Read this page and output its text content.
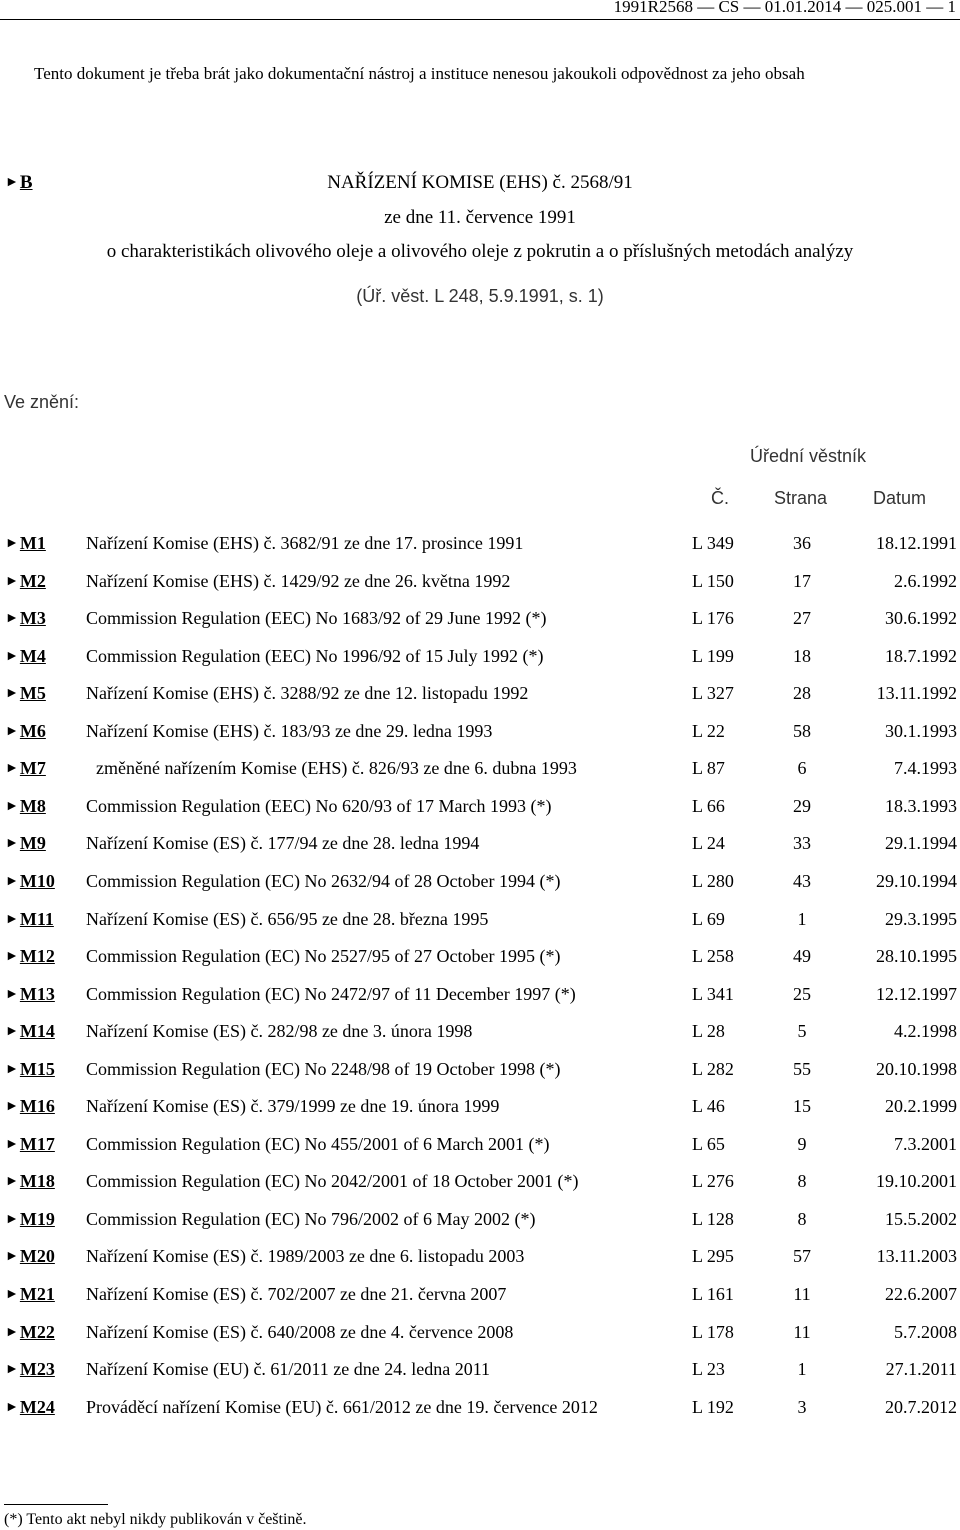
1991R2568 — CS — 01.01.2014 — 025.001 — 1
Tento dokument je třeba brát jako dokumentační nástroj a instituce nenesou jakoukoli odpovědnost za jeho obsah
►B	NAŘÍZENÍ KOMISE (EHS) č. 2568/91
ze dne 11. července 1991
o charakteristikách olivového oleje a olivového oleje z pokrutin a o příslušných metodách analýzy
(Úř. věst. L 248, 5.9.1991, s. 1)
Ve znění:
Úřední věstník
Č.	Strana	Datum
►M1 Nařízení Komise (EHS) č. 3682/91 ze dne 17. prosince 1991	L 349	36	18.12.1991
►M2 Nařízení Komise (EHS) č. 1429/92 ze dne 26. května 1992	L 150	17	2.6.1992
►M3 Commission Regulation (EEC) No 1683/92 of 29 June 1992 (*)	L 176	27	30.6.1992
►M4 Commission Regulation (EEC) No 1996/92 of 15 July 1992 (*)	L 199	18	18.7.1992
►M5 Nařízení Komise (EHS) č. 3288/92 ze dne 12. listopadu 1992	L 327	28	13.11.1992
►M6 Nařízení Komise (EHS) č. 183/93 ze dne 29. ledna 1993	L 22	58	30.1.1993
►M7	změněné nařízením Komise (EHS) č. 826/93 ze dne 6. dubna 1993	L 87	6	7.4.1993
►M8 Commission Regulation (EEC) No 620/93 of 17 March 1993 (*)	L 66	29	18.3.1993
►M9 Nařízení Komise (ES) č. 177/94 ze dne 28. ledna 1994	L 24	33	29.1.1994
►M10 Commission Regulation (EC) No 2632/94 of 28 October 1994 (*)	L 280	43	29.10.1994
►M11 Nařízení Komise (ES) č. 656/95 ze dne 28. března 1995	L 69	1	29.3.1995
►M12 Commission Regulation (EC) No 2527/95 of 27 October 1995 (*)	L 258	49	28.10.1995
►M13 Commission Regulation (EC) No 2472/97 of 11 December 1997 (*)	L 341	25	12.12.1997
►M14 Nařízení Komise (ES) č. 282/98 ze dne 3. února 1998	L 28	5	4.2.1998
►M15 Commission Regulation (EC) No 2248/98 of 19 October 1998 (*)	L 282	55	20.10.1998
►M16 Nařízení Komise (ES) č. 379/1999 ze dne 19. února 1999	L 46	15	20.2.1999
►M17 Commission Regulation (EC) No 455/2001 of 6 March 2001 (*)	L 65	9	7.3.2001
►M18 Commission Regulation (EC) No 2042/2001 of 18 October 2001 (*)	L 276	8	19.10.2001
►M19 Commission Regulation (EC) No 796/2002 of 6 May 2002 (*)	L 128	8	15.5.2002
►M20 Nařízení Komise (ES) č. 1989/2003 ze dne 6. listopadu 2003	L 295	57	13.11.2003
►M21 Nařízení Komise (ES) č. 702/2007 ze dne 21. června 2007	L 161	11	22.6.2007
►M22 Nařízení Komise (ES) č. 640/2008 ze dne 4. července 2008	L 178	11	5.7.2008
►M23 Nařízení Komise (EU) č. 61/2011 ze dne 24. ledna 2011	L 23	1	27.1.2011
►M24 Prováděcí nařízení Komise (EU) č. 661/2012 ze dne 19. července 2012	L 192	3	20.7.2012
(*) Tento akt nebyl nikdy publikován v češtině.
